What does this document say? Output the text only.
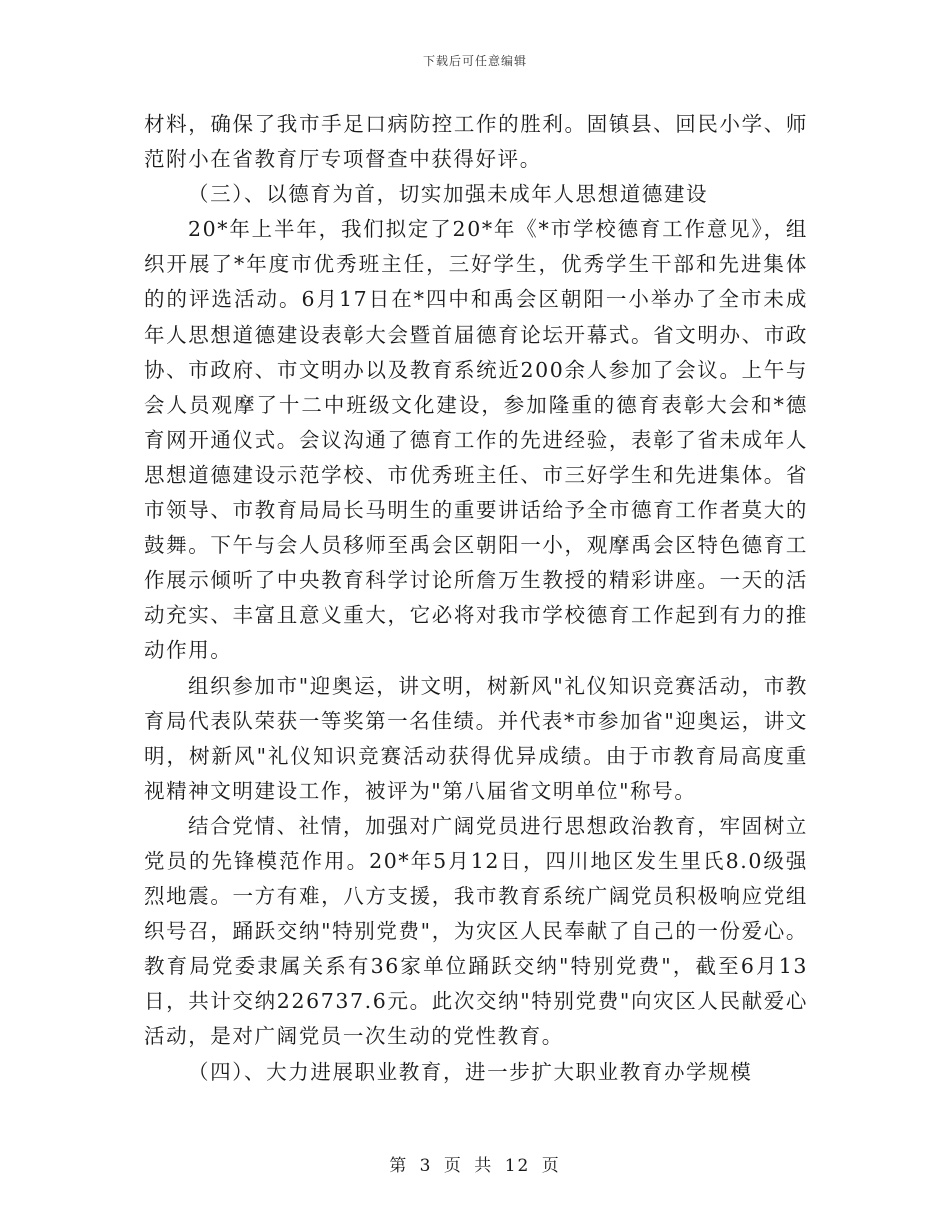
下载后可任意编辑

材料，确保了我市手足口病防控工作的胜利。固镇县、回民小学、师范附小在省教育厅专项督查中获得好评。

（三）、以德育为首，切实加强未成年人思想道德建设

20*年上半年，我们拟定了20*年《*市学校德育工作意见》，组织开展了*年度市优秀班主任，三好学生，优秀学生干部和先进集体的的评选活动。6月17日在*四中和禹会区朝阳一小举办了全市未成年人思想道德建设表彰大会暨首届德育论坛开幕式。省文明办、市政协、市政府、市文明办以及教育系统近200余人参加了会议。上午与会人员观摩了十二中班级文化建设，参加隆重的德育表彰大会和*德育网开通仪式。会议沟通了德育工作的先进经验，表彰了省未成年人思想道德建设示范学校、市优秀班主任、市三好学生和先进集体。省市领导、市教育局局长马明生的重要讲话给予全市德育工作者莫大的鼓舞。下午与会人员移师至禹会区朝阳一小，观摩禹会区特色德育工作展示倾听了中央教育科学讨论所詹万生教授的精彩讲座。一天的活动充实、丰富且意义重大，它必将对我市学校德育工作起到有力的推动作用。

组织参加市"迎奥运，讲文明，树新风"礼仪知识竞赛活动，市教育局代表队荣获一等奖第一名佳绩。并代表*市参加省"迎奥运，讲文明，树新风"礼仪知识竞赛活动获得优异成绩。由于市教育局高度重视精神文明建设工作，被评为"第八届省文明单位"称号。

结合党情、社情，加强对广阔党员进行思想政治教育，牢固树立党员的先锋模范作用。20*年5月12日，四川地区发生里氏8.0级强烈地震。一方有难，八方支援，我市教育系统广阔党员积极响应党组织号召，踊跃交纳"特别党费"，为灾区人民奉献了自己的一份爱心。教育局党委隶属关系有36家单位踊跃交纳"特别党费"，截至6月13日，共计交纳226737.6元。此次交纳"特别党费"向灾区人民献爱心活动，是对广阔党员一次生动的党性教育。

（四）、大力进展职业教育，进一步扩大职业教育办学规模

第 3 页 共 12 页
